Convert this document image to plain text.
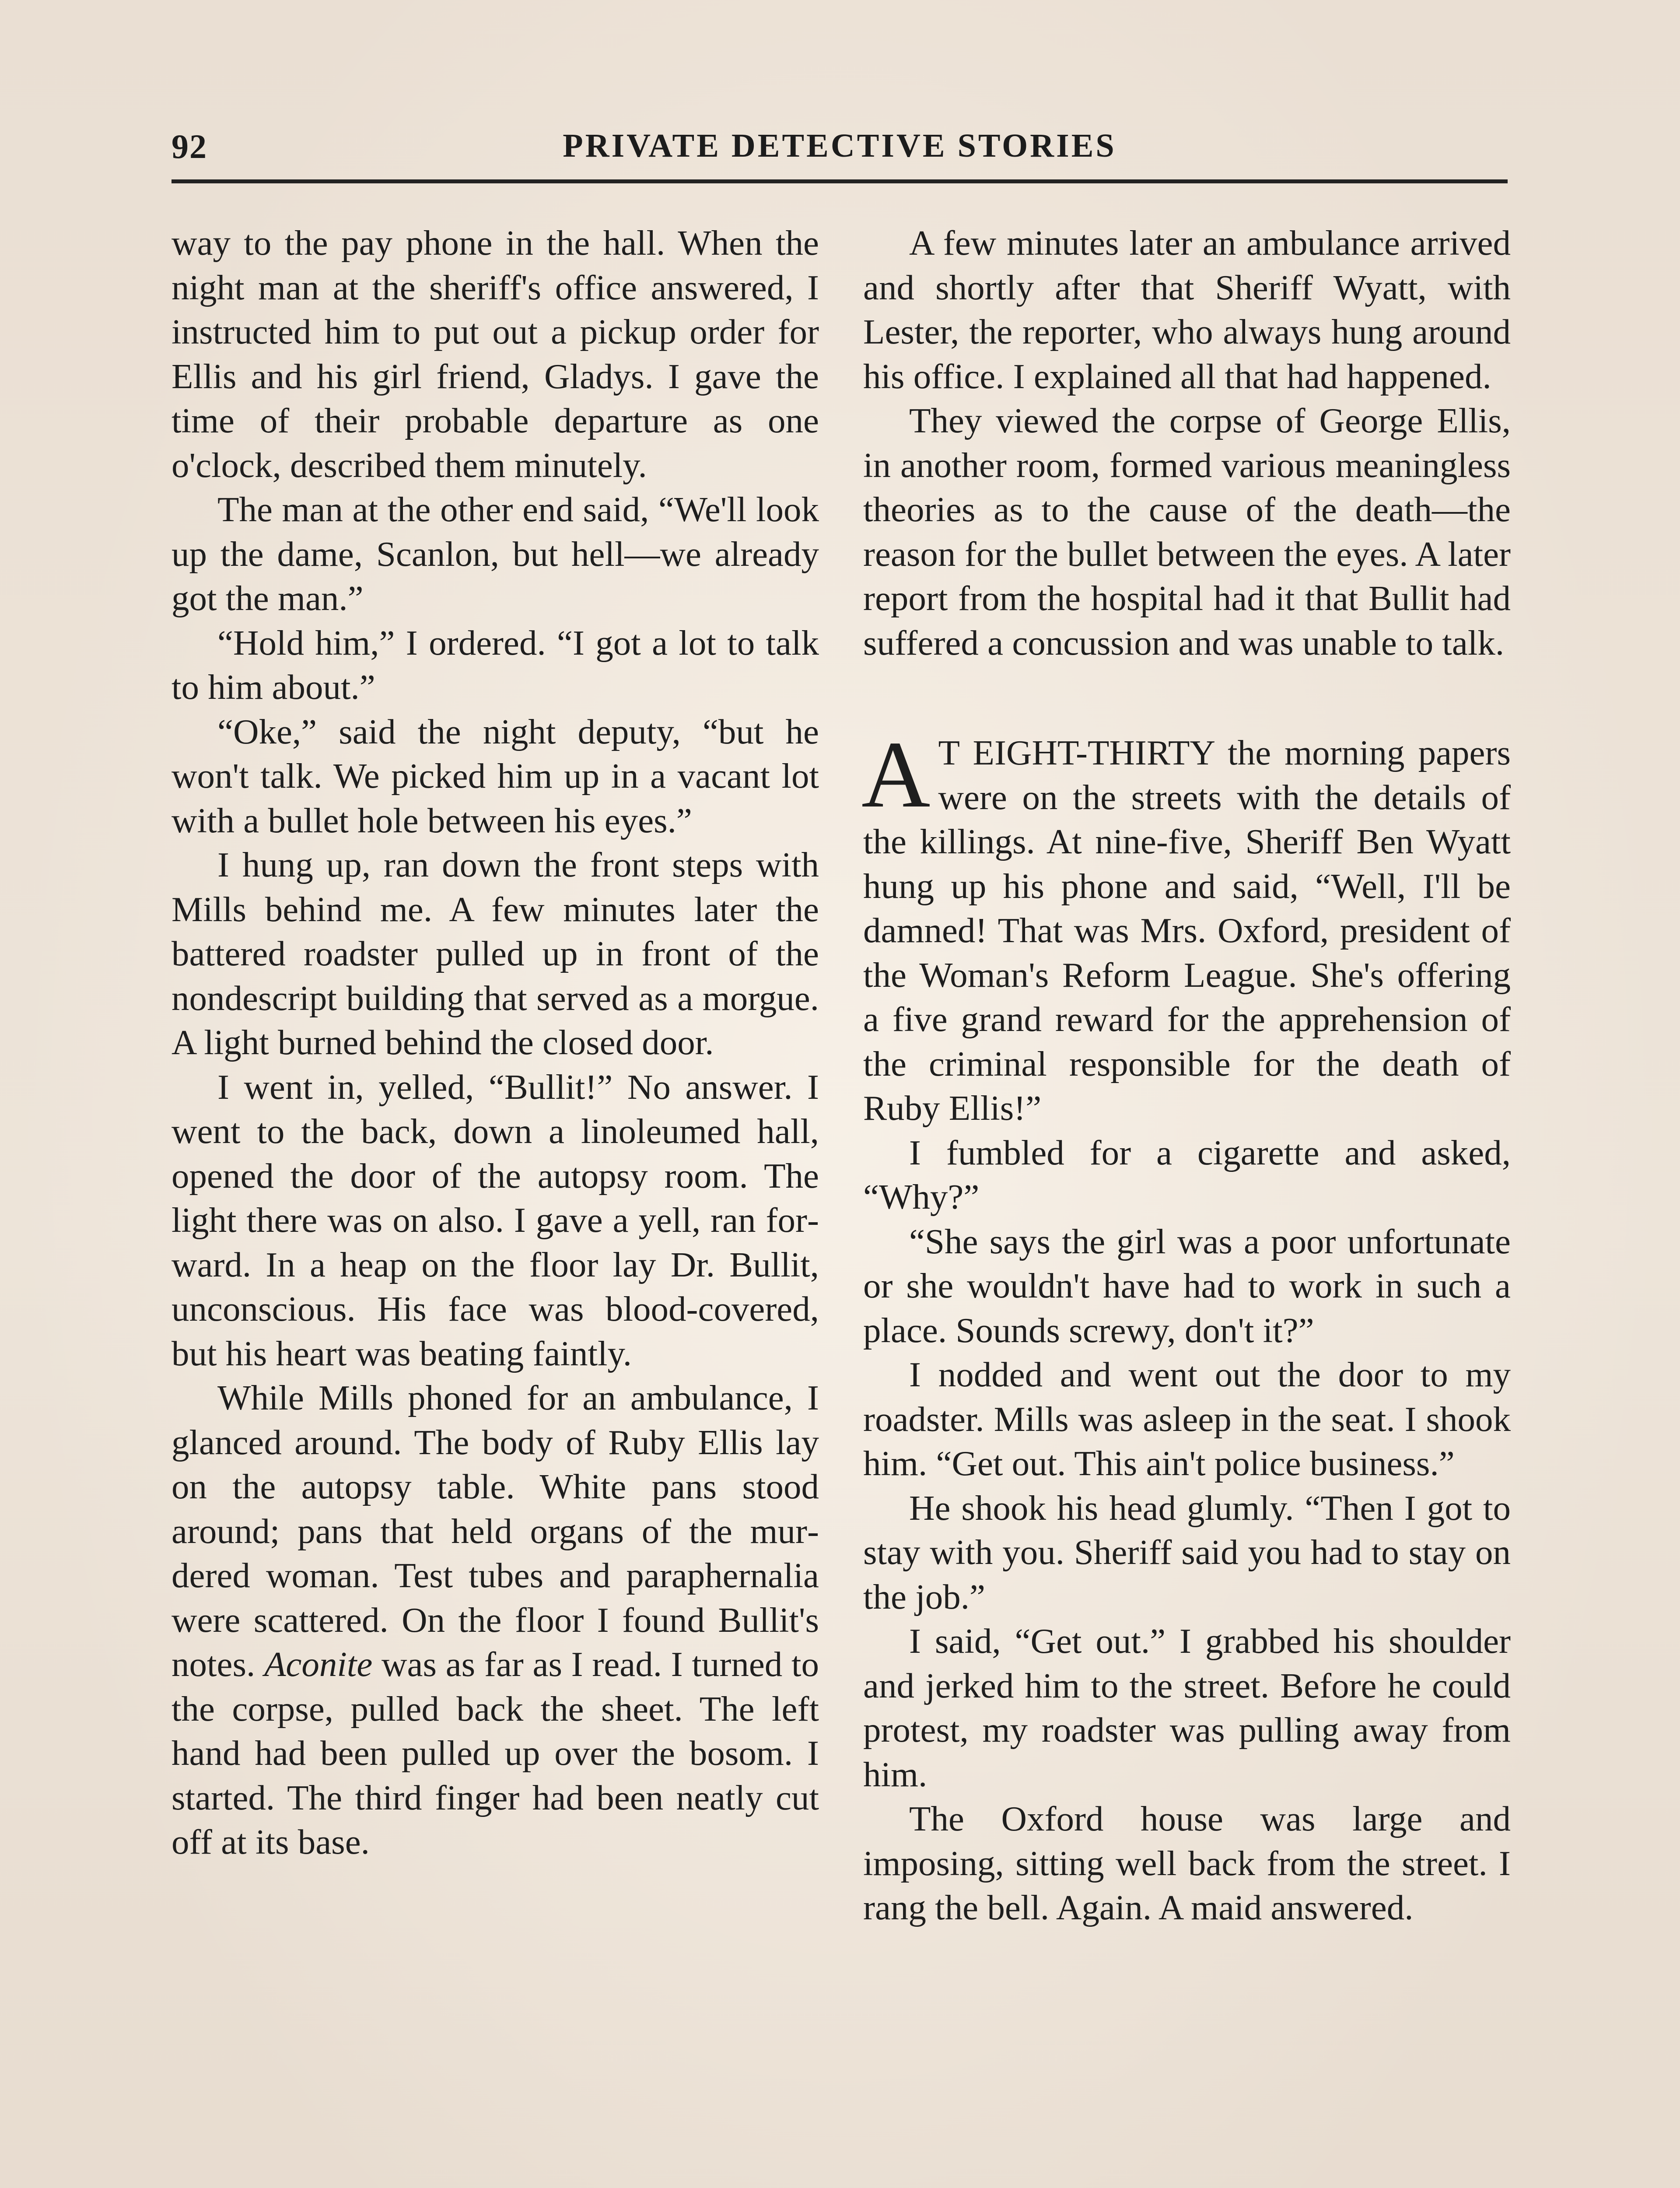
92	PRIVATE DETECTIVE STORIES

way to the pay phone in the hall. When the night man at the sheriff's office answered, I instructed him to put out a pickup order for Ellis and his girl friend, Gladys. I gave the time of their probable departure as one o'clock, described them minutely.

The man at the other end said, “We'll look up the dame, Scanlon, but hell—we already got the man.”

“Hold him,” I ordered. “I got a lot to talk to him about.”

“Oke,” said the night deputy, “but he won't talk. We picked him up in a vacant lot with a bullet hole between his eyes.”

I hung up, ran down the front steps with Mills behind me. A few minutes later the battered roadster pulled up in front of the nondescript building that served as a morgue. A light burned behind the closed door.

I went in, yelled, “Bullit!” No answer. I went to the back, down a linoleumed hall, opened the door of the autopsy room. The light there was on also. I gave a yell, ran forward. In a heap on the floor lay Dr. Bullit, unconscious. His face was blood-covered, but his heart was beating faintly.

While Mills phoned for an ambulance, I glanced around. The body of Ruby Ellis lay on the autopsy table. White pans stood around; pans that held organs of the murdered woman. Test tubes and paraphernalia were scattered. On the floor I found Bullit's notes. Aconite was as far as I read. I turned to the corpse, pulled back the sheet. The left hand had been pulled up over the bosom. I started. The third finger had been neatly cut off at its base.

A few minutes later an ambulance arrived and shortly after that Sheriff Wyatt, with Lester, the reporter, who always hung around his office. I explained all that had happened.

They viewed the corpse of George Ellis, in another room, formed various meaningless theories as to the cause of the death—the reason for the bullet between the eyes. A later report from the hospital had it that Bullit had suffered a concussion and was unable to talk.

A T EIGHT-THIRTY the morning papers were on the streets with the details of the killings. At nine-five, Sheriff Ben Wyatt hung up his phone and said, “Well, I'll be damned! That was Mrs. Oxford, president of the Woman's Reform League. She's offering a five grand reward for the apprehension of the criminal responsible for the death of Ruby Ellis!”

I fumbled for a cigarette and asked, “Why?”

“She says the girl was a poor unfortunate or she wouldn't have had to work in such a place. Sounds screwy, don't it?”

I nodded and went out the door to my roadster. Mills was asleep in the seat. I shook him. “Get out. This ain't police business.”

He shook his head glumly. “Then I got to stay with you. Sheriff said you had to stay on the job.”

I said, “Get out.” I grabbed his shoulder and jerked him to the street. Before he could protest, my roadster was pulling away from him.

The Oxford house was large and imposing, sitting well back from the street. I rang the bell. Again. A maid answered.
